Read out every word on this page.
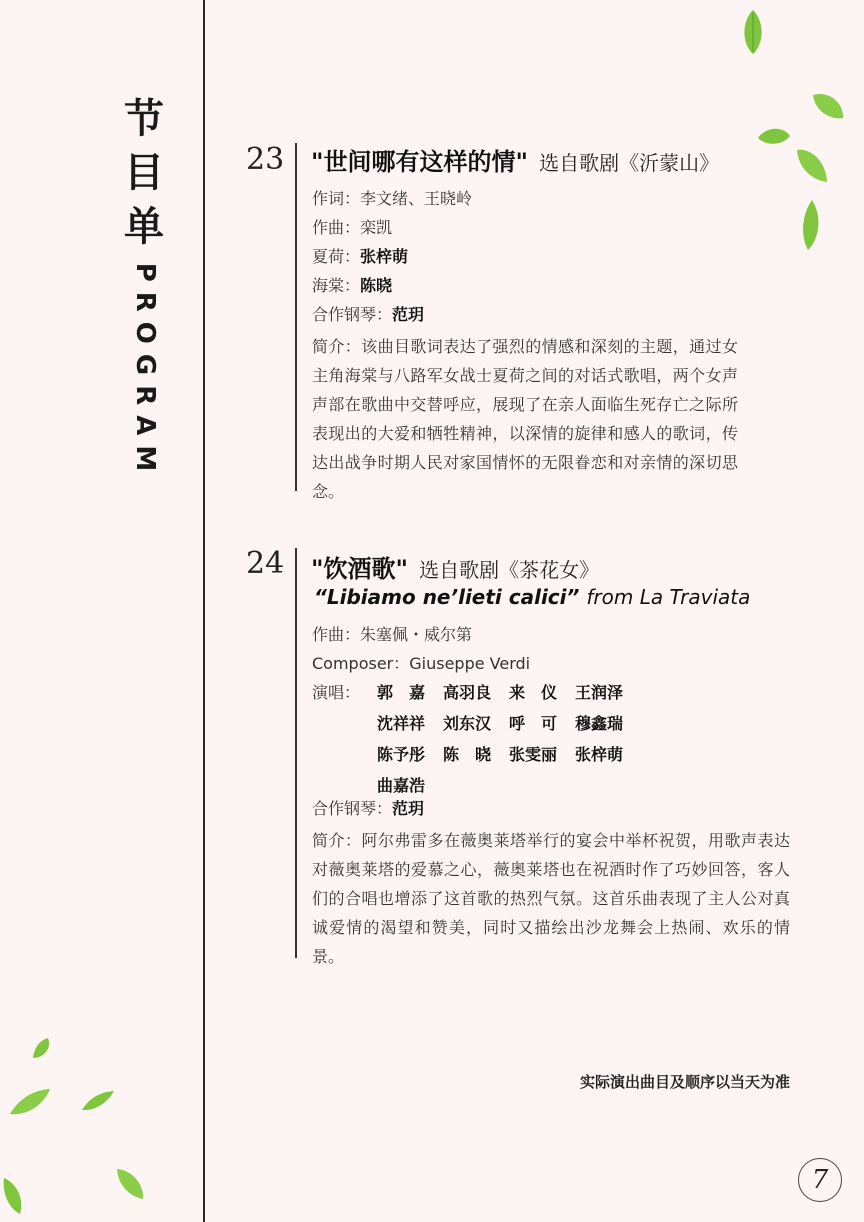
节
目
单
PROGRAM
23 "世间哪有这样的情" 选自歌剧《沂蒙山》
作词：李文绪、王晓岭
作曲：栾凯
夏荷：张梓萌
海棠：陈晓
合作钢琴：范玥
简介：该曲目歌词表达了强烈的情感和深刻的主题，通过女主角海棠与八路军女战士夏荷之间的对话式歌唱，两个女声声部在歌曲中交替呼应，展现了在亲人面临生死存亡之际所表现出的大爱和牺牲精神，以深情的旋律和感人的歌词，传达出战争时期人民对家国情怀的无限眷恋和对亲情的深切思念。
24 "饮酒歌" 选自歌剧《茶花女》
“Libiamo ne’lieti calici” from La Traviata
作曲：朱塞佩・威尔第
Composer：Giuseppe Verdi
演唱： 郭　嘉	高羽良	来　仪	王润泽
沈祥祥	刘东汉	呼　可	穆鑫瑞
陈予彤	陈　晓	张雯丽	张梓萌
曲嘉浩
合作钢琴：范玥
简介：阿尔弗雷多在薇奥莱塔举行的宴会中举杯祝贺，用歌声表达对薇奥莱塔的爱慕之心，薇奥莱塔也在祝酒时作了巧妙回答，客人们的合唱也增添了这首歌的热烈气氛。这首乐曲表现了主人公对真诚爱情的渴望和赞美，同时又描绘出沙龙舞会上热闹、欢乐的情景。
实际演出曲目及顺序以当天为准
7
